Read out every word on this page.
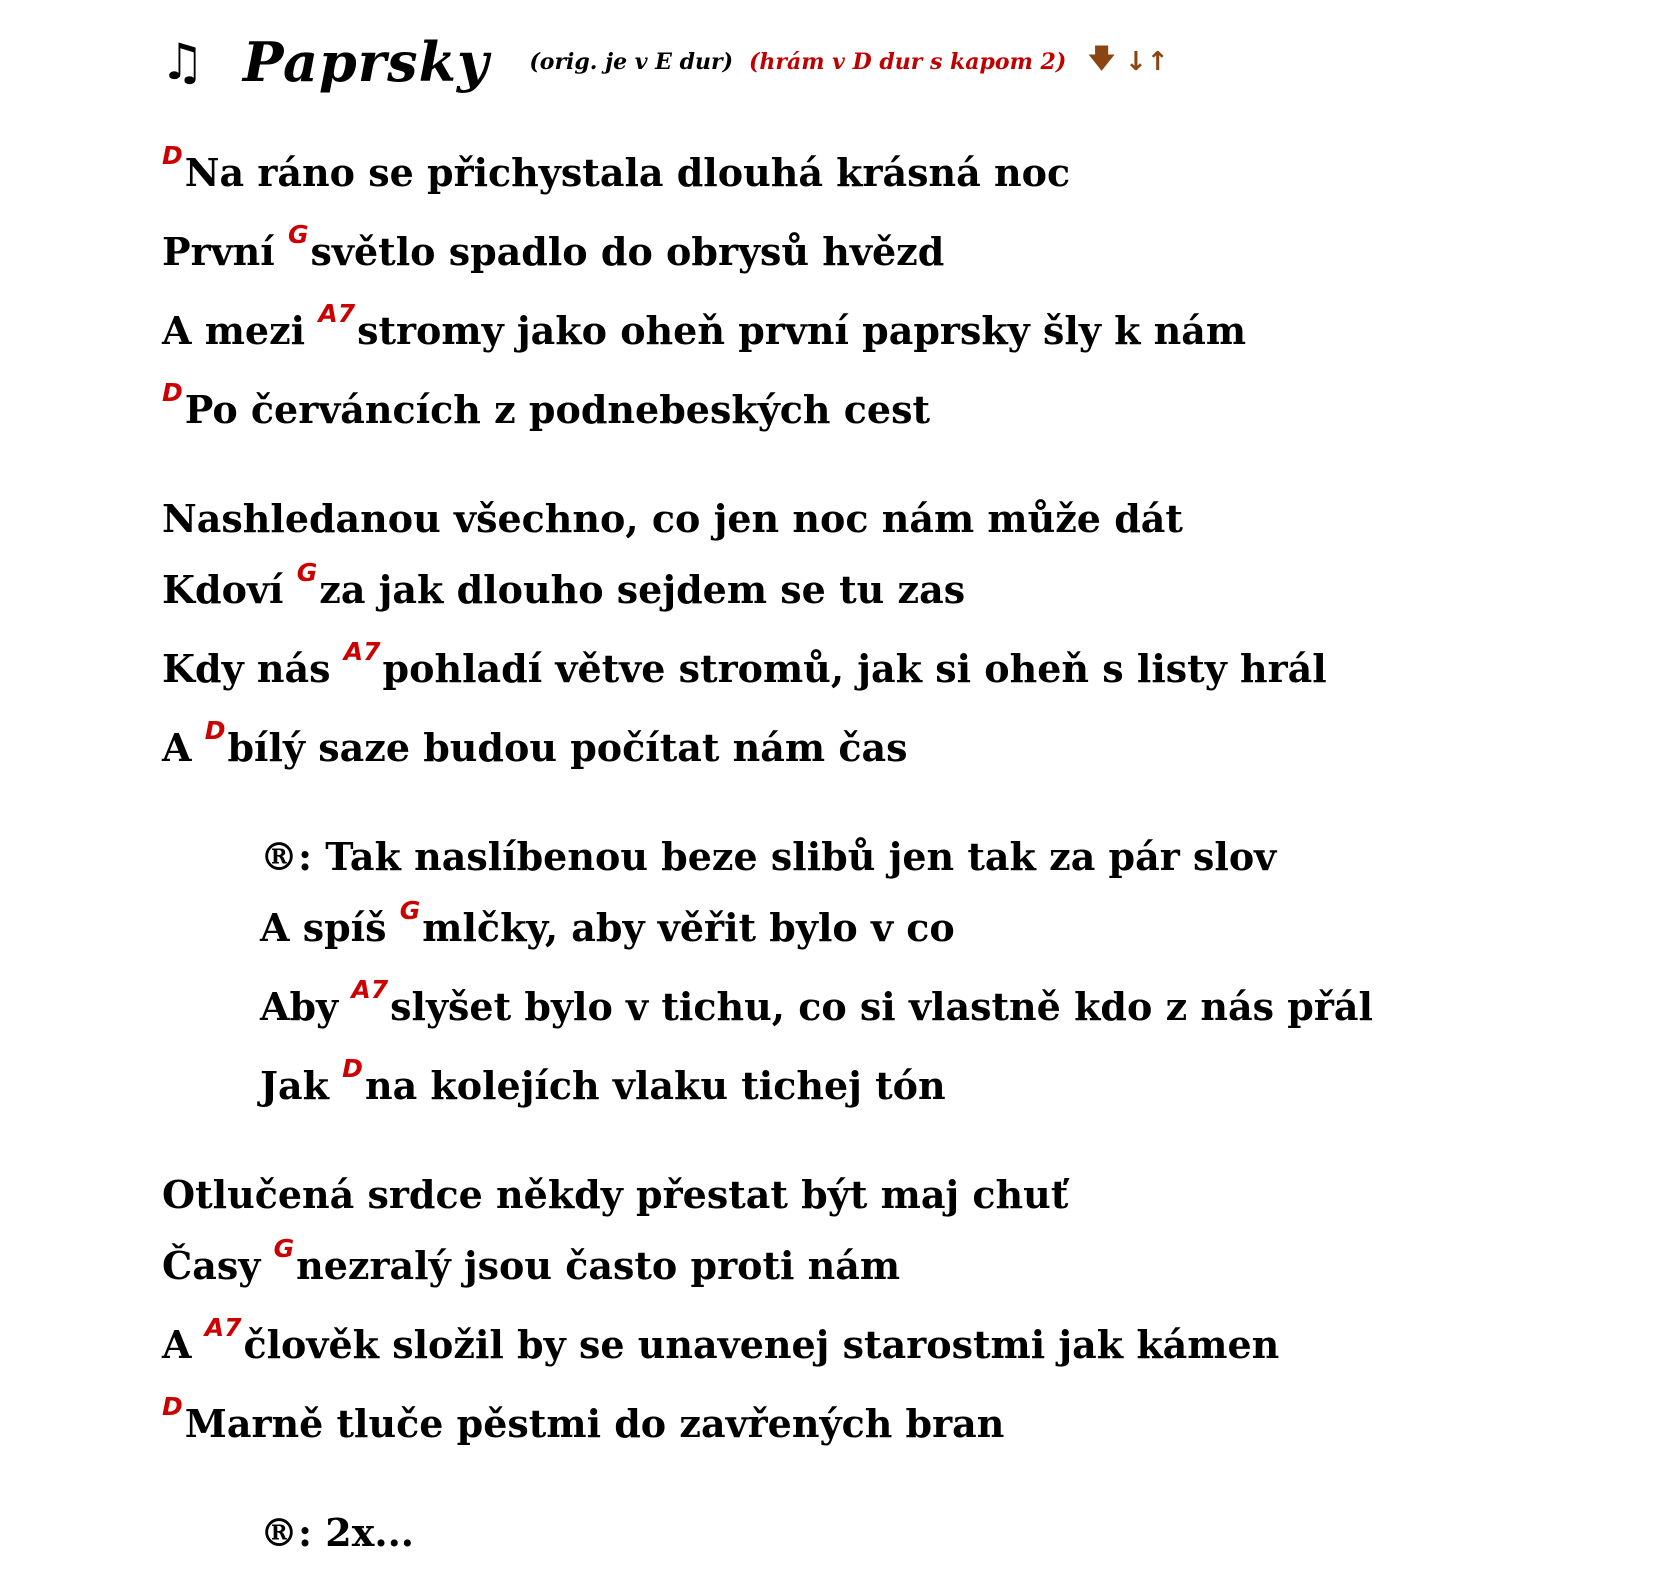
♫ Paprsky (orig. je v E dur) (hrám v D dur s kapom 2) 🡇 ↓↑
$^D$Na ráno se přichystala dlouhá krásná noc
První $^G$světlo spadlo do obrysů hvězd
A mezi $^{A7}$stromy jako oheň první paprsky šly k nám
$^D$Po červáncích z podnebeských cest
Nashledanou všechno, co jen noc nám může dát
Kdoví $^G$za jak dlouho sejdem se tu zas
Kdy nás $^{A7}$pohladí větve stromů, jak si oheň s listy hrál
A $^D$bílý saze budou počítat nám čas
®: Tak naslíbenou beze slibů jen tak za pár slov
A spíš $^G$mlčky, aby věřit bylo v co
Aby $^{A7}$slyšet bylo v tichu, co si vlastně kdo z nás přál
Jak $^D$na kolejích vlaku tichej tón
Otlučená srdce někdy přestat být maj chuť
Časy $^G$nezralý jsou často proti nám
A $^{A7}$člověk složil by se unavenej starostmi jak kámen
$^D$Marně tluče pěstmi do zavřených bran
®: 2x...
